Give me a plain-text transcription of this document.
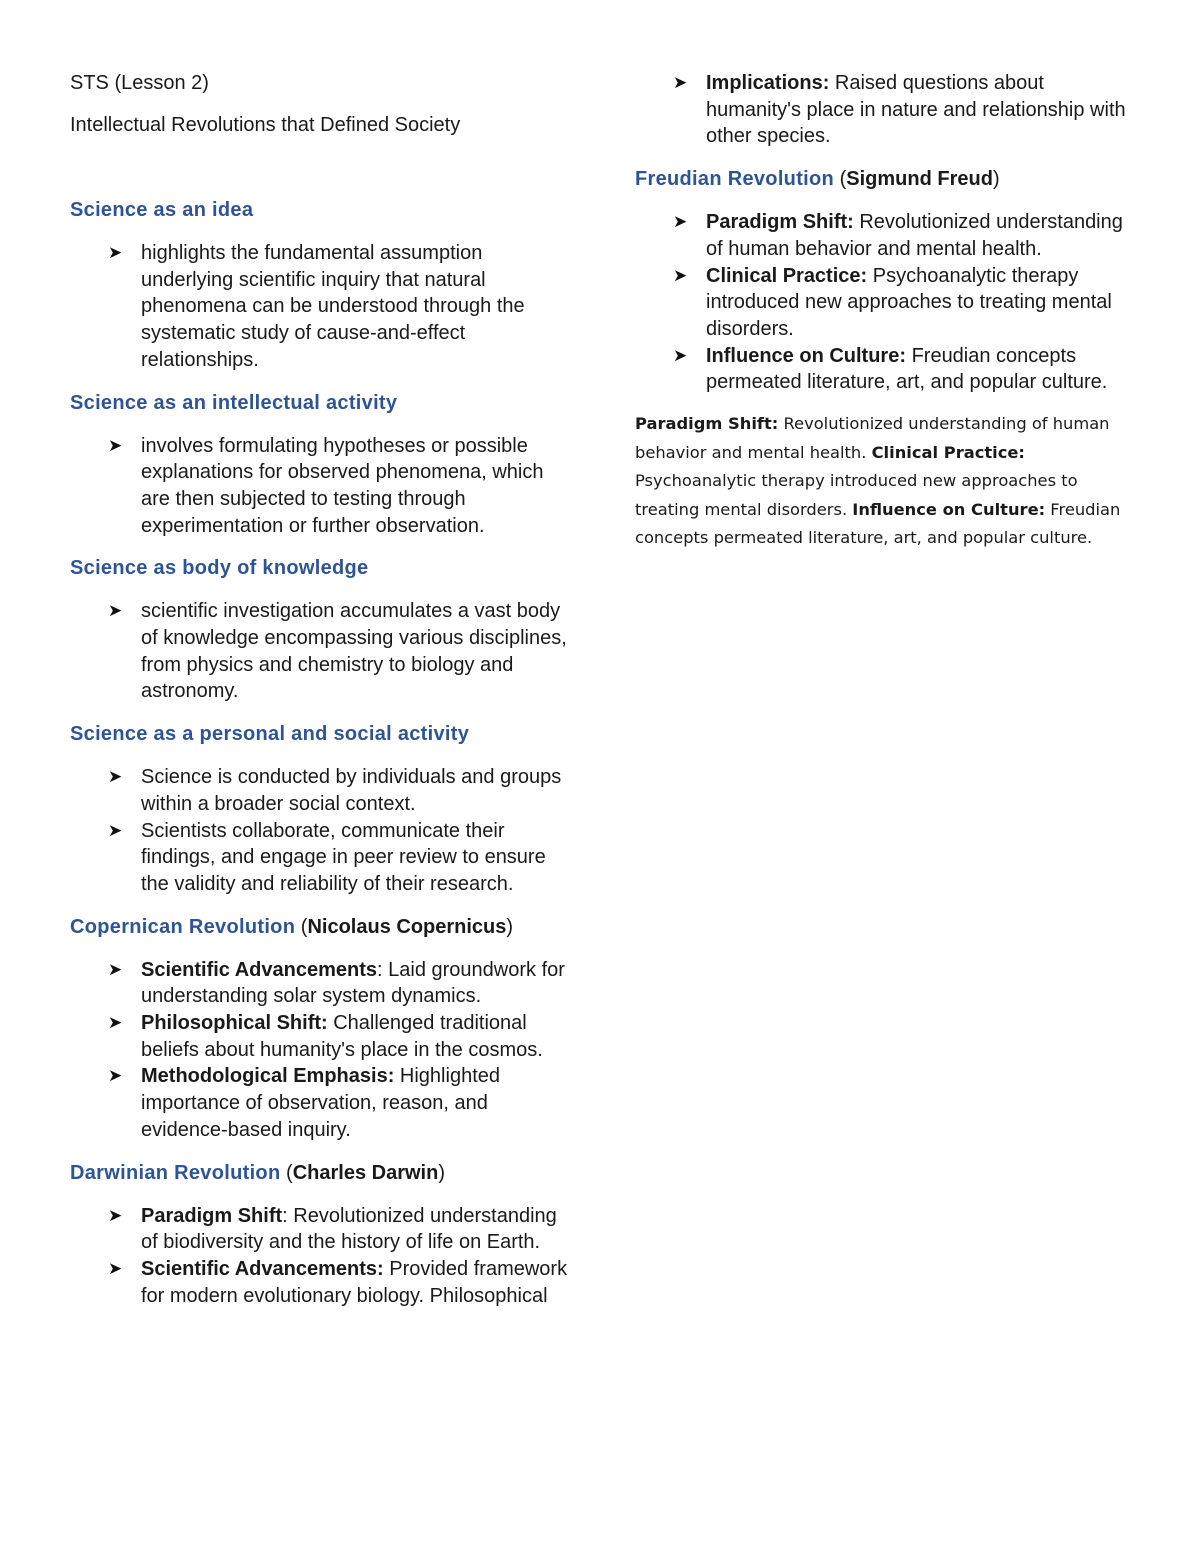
STS (Lesson 2)

Intellectual Revolutions that Defined Society

Science as an idea

➤ highlights the fundamental assumption underlying scientific inquiry that natural phenomena can be understood through the systematic study of cause-and-effect relationships.

Science as an intellectual activity

➤ involves formulating hypotheses or possible explanations for observed phenomena, which are then subjected to testing through experimentation or further observation.

Science as body of knowledge

➤ scientific investigation accumulates a vast body of knowledge encompassing various disciplines, from physics and chemistry to biology and astronomy.

Science as a personal and social activity

➤ Science is conducted by individuals and groups within a broader social context.
➤ Scientists collaborate, communicate their findings, and engage in peer review to ensure the validity and reliability of their research.

Copernican Revolution (Nicolaus Copernicus)

➤ Scientific Advancements: Laid groundwork for understanding solar system dynamics.
➤ Philosophical Shift: Challenged traditional beliefs about humanity's place in the cosmos.
➤ Methodological Emphasis: Highlighted importance of observation, reason, and evidence-based inquiry.

Darwinian Revolution (Charles Darwin)

➤ Paradigm Shift: Revolutionized understanding of biodiversity and the history of life on Earth.
➤ Scientific Advancements: Provided framework for modern evolutionary biology. Philosophical
➤ Implications: Raised questions about humanity's place in nature and relationship with other species.

Freudian Revolution (Sigmund Freud)

➤ Paradigm Shift: Revolutionized understanding of human behavior and mental health.
➤ Clinical Practice: Psychoanalytic therapy introduced new approaches to treating mental disorders.
➤ Influence on Culture: Freudian concepts permeated literature, art, and popular culture.

Paradigm Shift: Revolutionized understanding of human behavior and mental health. Clinical Practice: Psychoanalytic therapy introduced new approaches to treating mental disorders. Influence on Culture: Freudian concepts permeated literature, art, and popular culture.
